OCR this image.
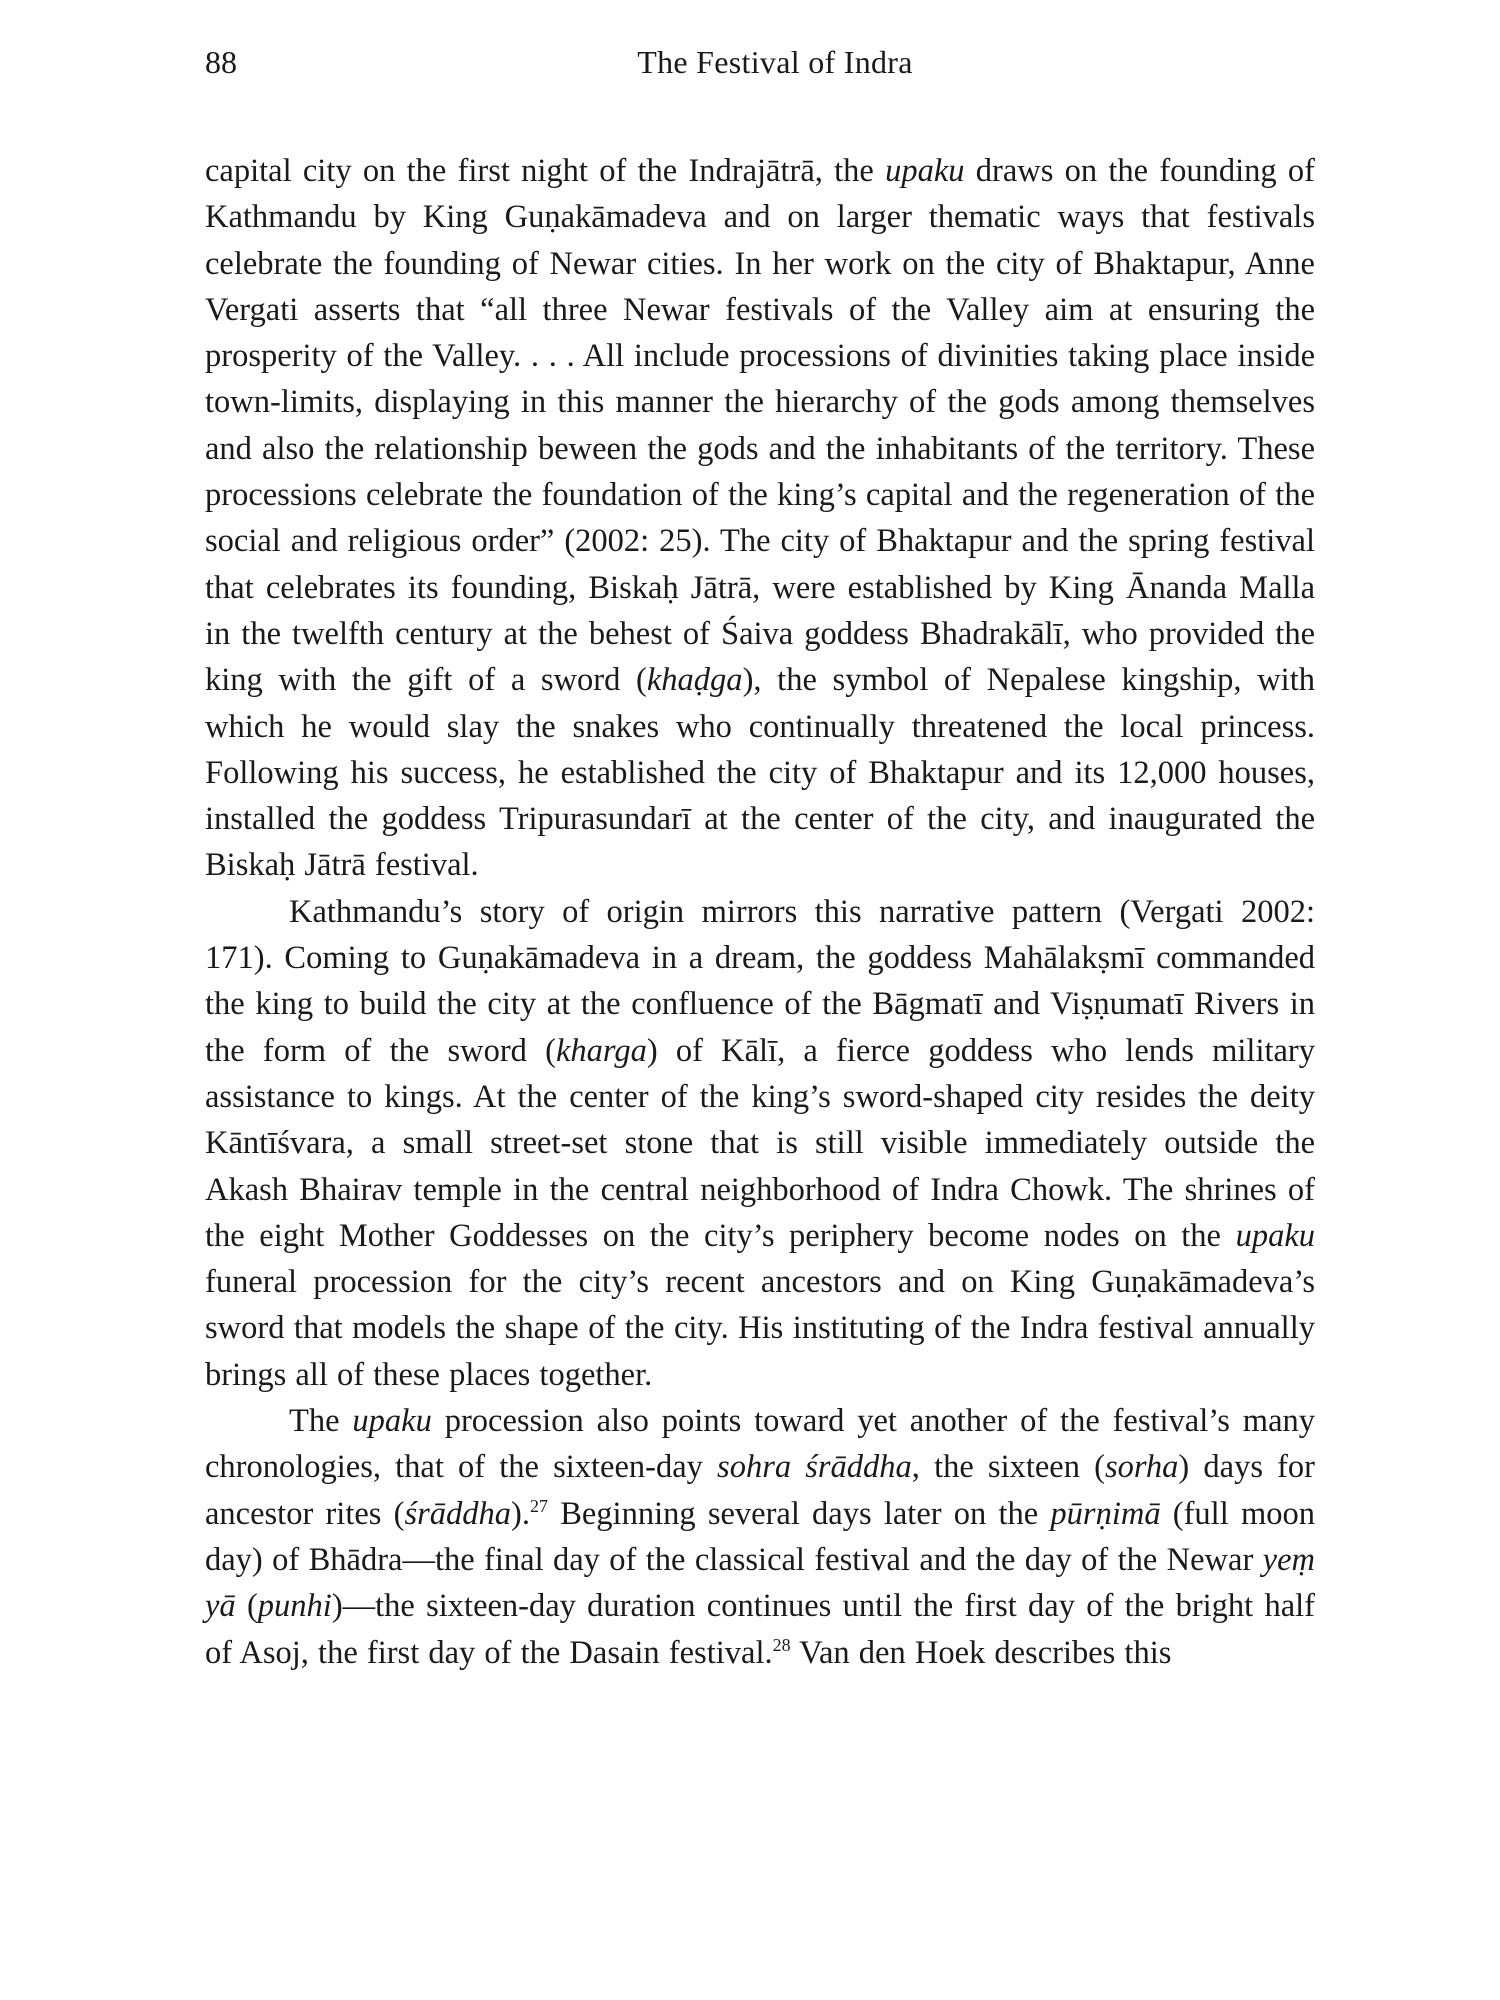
88	The Festival of Indra

capital city on the first night of the Indrajātrā, the upaku draws on the founding of Kathmandu by King Guṇakāmadeva and on larger thematic ways that festivals celebrate the founding of Newar cities. In her work on the city of Bhaktapur, Anne Vergati asserts that “all three Newar festivals of the Valley aim at ensuring the prosperity of the Valley. . . . All include processions of divinities taking place inside town-limits, displaying in this manner the hierarchy of the gods among themselves and also the relationship beween the gods and the inhabitants of the territory. These processions celebrate the foundation of the king’s capital and the regeneration of the social and religious order” (2002: 25). The city of Bhaktapur and the spring festival that celebrates its founding, Biskaḥ Jātrā, were established by King Ānanda Malla in the twelfth century at the behest of Śaiva goddess Bhadrakālī, who provided the king with the gift of a sword (khaḍga), the symbol of Nepalese kingship, with which he would slay the snakes who continually threatened the local princess. Following his success, he established the city of Bhaktapur and its 12,000 houses, installed the goddess Tripurasundarī at the center of the city, and inaugurated the Biskaḥ Jātrā festival.

Kathmandu’s story of origin mirrors this narrative pattern (Vergati 2002: 171). Coming to Guṇakāmadeva in a dream, the goddess Mahālakṣmī commanded the king to build the city at the confluence of the Bāgmatī and Viṣṇumatī Rivers in the form of the sword (kharga) of Kālī, a fierce goddess who lends military assistance to kings. At the center of the king’s sword-shaped city resides the deity Kāntīśvara, a small street-set stone that is still visible immediately outside the Akash Bhairav temple in the central neighborhood of Indra Chowk. The shrines of the eight Mother Goddesses on the city’s periphery become nodes on the upaku funeral procession for the city’s recent ancestors and on King Guṇakāmadeva’s sword that models the shape of the city. His instituting of the Indra festival annually brings all of these places together.

The upaku procession also points toward yet another of the festival’s many chronologies, that of the sixteen-day sohra śrāddha, the sixteen (sorha) days for ancestor rites (śrāddha).$^{27}$ Beginning several days later on the pūrṇimā (full moon day) of Bhādra—the final day of the classical festival and the day of the Newar yeṃ yā (punhi)—the sixteen-day duration continues until the first day of the bright half of Asoj, the first day of the Dasain festival.$^{28}$ Van den Hoek describes this
